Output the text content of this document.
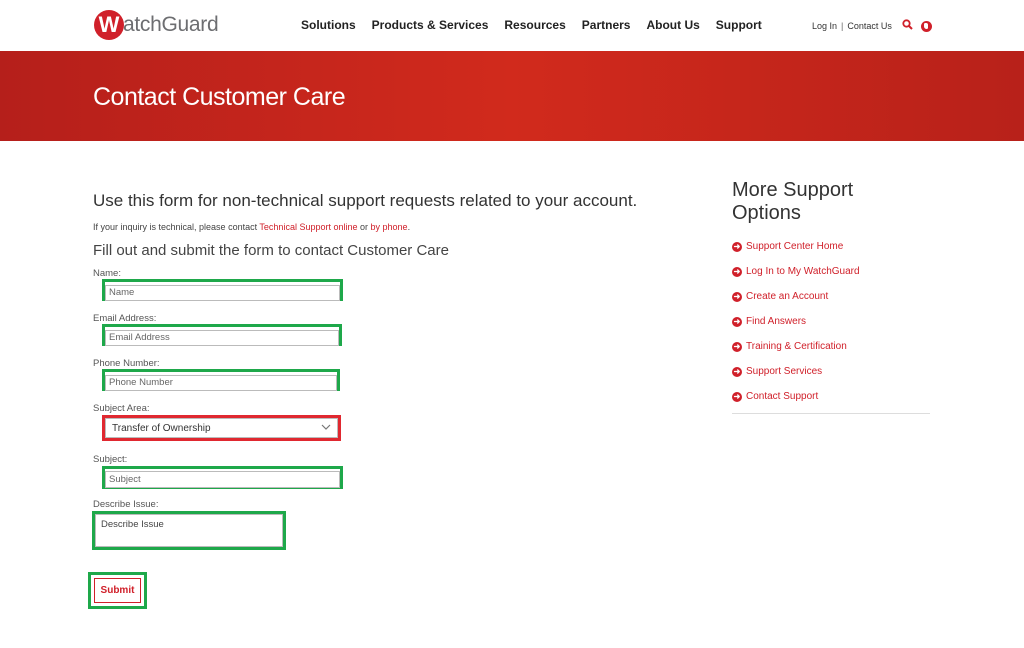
W atchGuard	Solutions Products & Services Resources Partners About Us Support	Log In | Contact Us
Contact Customer Care
Use this form for non-technical support requests related to your account.
If your inquiry is technical, please contact Technical Support online or by phone.
Fill out and submit the form to contact Customer Care
Name:
Name
Email Address:
Email Address
Phone Number:
Phone Number
Subject Area:
Transfer of Ownership
Subject:
Subject
Describe Issue:
Describe Issue
Submit
More Support Options
➜ Support Center Home
➜ Log In to My WatchGuard
➜ Create an Account
➜ Find Answers
➜ Training & Certification
➜ Support Services
➜ Contact Support
